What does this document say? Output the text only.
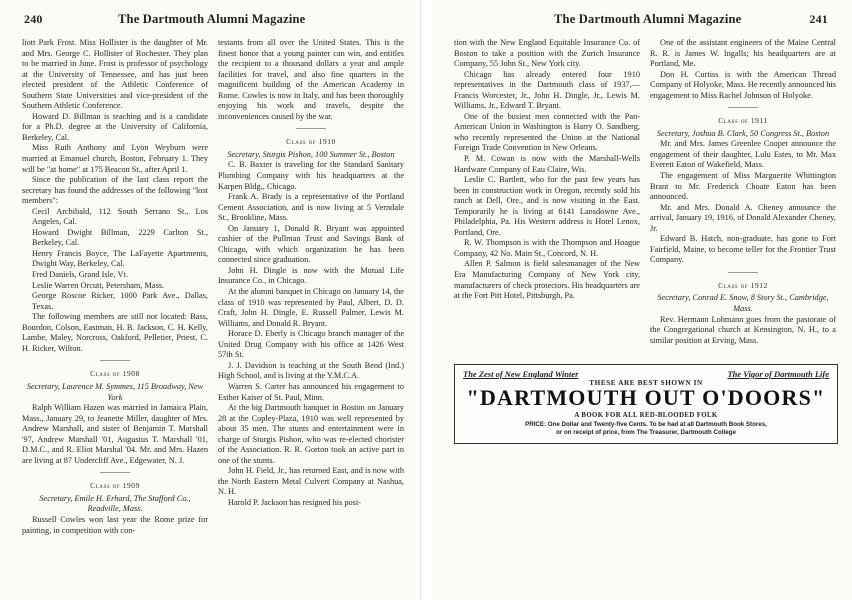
240	The Dartmouth Alumni Magazine

liott Park Frost. Miss Hollister is the daughter of Mr. and Mrs. George C. Hollister of Rochester. They plan to be married in June. Frost is professor of psychology at the University of Tennessee, and has just been elected president of the Athletic Conference of Southern State Universities and vice-president of the Southern Athletic Conference.

Howard D. Billman is teaching and is a candidate for a Ph.D. degree at the University of California, Berkeley, Cal.

Miss Ruth Anthony and Lyon Weyburn were married at Emanuel church, Boston, February 1. They will be "at home" at 175 Beacon St., after April 1.

Since the publication of the last class report the secretary has found the addresses of the following "lost members":

Cecil Archibald, 112 South Serrano St., Los Angeles, Cal.

Howard Dwight Billman, 2229 Carlton St., Berkeley, Cal.

Henry Francis Boyce, The LaFayette Apartments, Dwight Way, Berkeley, Cal.

Fred Daniels, Grand Isle, Vt.

Leslie Warren Orcutt, Petersham, Mass.

George Roscoe Ricker, 1000 Park Ave., Dallas, Texas.

The following members are still not located: Bass, Bourdon, Colson, Eastman, H. B. Jackson, C. H. Kelly, Lambe, Maley, Norcross, Oakford, Pelletier, Priest, C. H. Ricker, Wilton.

Class of 1908

Secretary, Laurence M. Symmes, 115 Broadway, New York

Ralph William Hazen was married in Jamaica Plain, Mass., January 29, to Jeanette Miller, daughter of Mrs. Andrew Marshall, and sister of Benjamin T. Marshall '97, Andrew Marshall '01, Augustus T. Marshall '01, D.M.C., and R. Eliot Marshal '04. Mr. and Mrs. Hazen are living at 87 Undercliff Ave., Edgewater, N. J.

Class of 1909

Secretary, Emile H. Erhard, The Stafford Co., Readville, Mass.

Russell Cowles won last year the Rome prize for painting, in competition with con-

testants from all over the United States. This is the finest honor that a young painter can win, and entitles the recipient to a thousand dollars a year and ample facilities for travel, and also fine quarters in the magnificent building of the American Academy in Rome. Cowles is now in Italy, and has been thoroughly enjoying his work and travels, despite the inconveniences caused by the war.

Class of 1910

Secretary, Sturgis Pishon, 100 Summer St., Boston

C. B. Baxter is traveling for the Standard Sanitary Plumbing Company with his headquarters at the Karpen Bldg., Chicago.

Frank A. Brady is a representative of the Portland Cement Association, and is now living at 5 Verndale St., Brookline, Mass.

On January 1, Donald R. Bryant was appointed cashier of the Pullman Trust and Savings Bank of Chicago, with which organization he has been connected since graduation.

John H. Dingle is now with the Mutual Life Insurance Co., in Chicago.

At the alumni banquet in Chicago on January 14, the class of 1910 was represented by Paul, Albert, D. D. Craft, John H. Dingle, E. Russell Palmer, Lewis M. Williams, and Donald R. Bryant.

Horace D. Eberly is Chicago branch manager of the United Drug Company with his office at 1426 West 57th St.

J. J. Davidson is teaching at the South Bend (Ind.) High School, and is living at the Y.M.C.A.

Warren S. Carter has announced his engagement to Esther Kaiser of St. Paul, Minn.

At the big Dartmouth banquet in Boston on January 28 at the Copley-Plaza, 1910 was well represented by about 35 men. The stunts and entertainment were in charge of Sturgis Pishon, who was re-elected chorister of the Association. R. R. Gorton took an active part in one of the stunts.

John H. Field, Jr., has returned East, and is now with the North Eastern Metal Culvert Company at Nashua, N. H.

Harold P. Jackson has resigned his posi-

The Dartmouth Alumni Magazine	241

tion with the New England Equitable Insurance Co. of Boston to take a position with the Zurich Insurance Company, 55 John St., New York city.

Chicago has already entered four 1910 representatives in the Dartmouth class of 1937,—Francis Worcester, Jr., John H. Dingle, Jr., Lewis M. Williams, Jr., Edward T. Bryant.

One of the busiest men connected with the Pan-American Union in Washington is Harry O. Sandberg, who recently represented the Union at the National Foreign Trade Convention in New Orleans.

P. M. Cowan is now with the Marshall-Wells Hardware Company of Eau Claire, Wis.

Leslie C. Bartlett, who for the past few years has been in construction work in Oregon, recently sold his ranch at Dell, Ore., and is now visiting in the East. Temporarily he is living at 6141 Lansdowne Ave., Philadelphia, Pa. His Western address is Hotel Lenox, Portland, Ore.

R. W. Thompson is with the Thompson and Hoague Company, 42 No. Main St., Concord, N. H.

Allen P. Salmon is field salesmanager of the New Era Manufacturing Company of New York city, manufacturers of check protectors. His headquarters are at the Fort Pitt Hotel, Pittsburgh, Pa.

One of the assistant engineers of the Maine Central R. R. is James W. Ingalls; his headquarters are at Portland, Me.

Don H. Curtiss is with the American Thread Company of Holyoke, Mass. He recently announced his engagement to Miss Rachel Johnson of Holyoke.

Class of 1911

Secretary, Joshua B. Clark, 50 Congress St., Boston

Mr. and Mrs. James Greenlee Cooper announce the engagement of their daughter, Lulu Estes, to Mr. Max Everett Eaton of Wakefield, Mass.

The engagement of Miss Marguerite Whittington Brant to Mr. Frederick Choate Eaton has been announced.

Mr. and Mrs. Donald A. Cheney announce the arrival, January 19, 1916, of Donald Alexander Cheney, Jr.

Edward B. Hatch, non-graduate, has gone to Fort Fairfield, Maine, to become teller for the Frontier Trust Company.

Class of 1912

Secretary, Conrad E. Snow, 8 Story St., Cambridge, Mass.

Rev. Hermann Lohmann goes from the pastorate of the Congregational church at Kensington, N. H., to a similar position at Erving, Mass.

The Zest of New England Winter	The Vigor of Dartmouth Life
THESE ARE BEST SHOWN IN
"DARTMOUTH OUT O'DOORS"
A BOOK FOR ALL RED-BLOODED FOLK
PRICE: One Dollar and Twenty-five Cents. To be had at all Dartmouth Book Stores,
or on receipt of price, from The Treasurer, Dartmouth College
